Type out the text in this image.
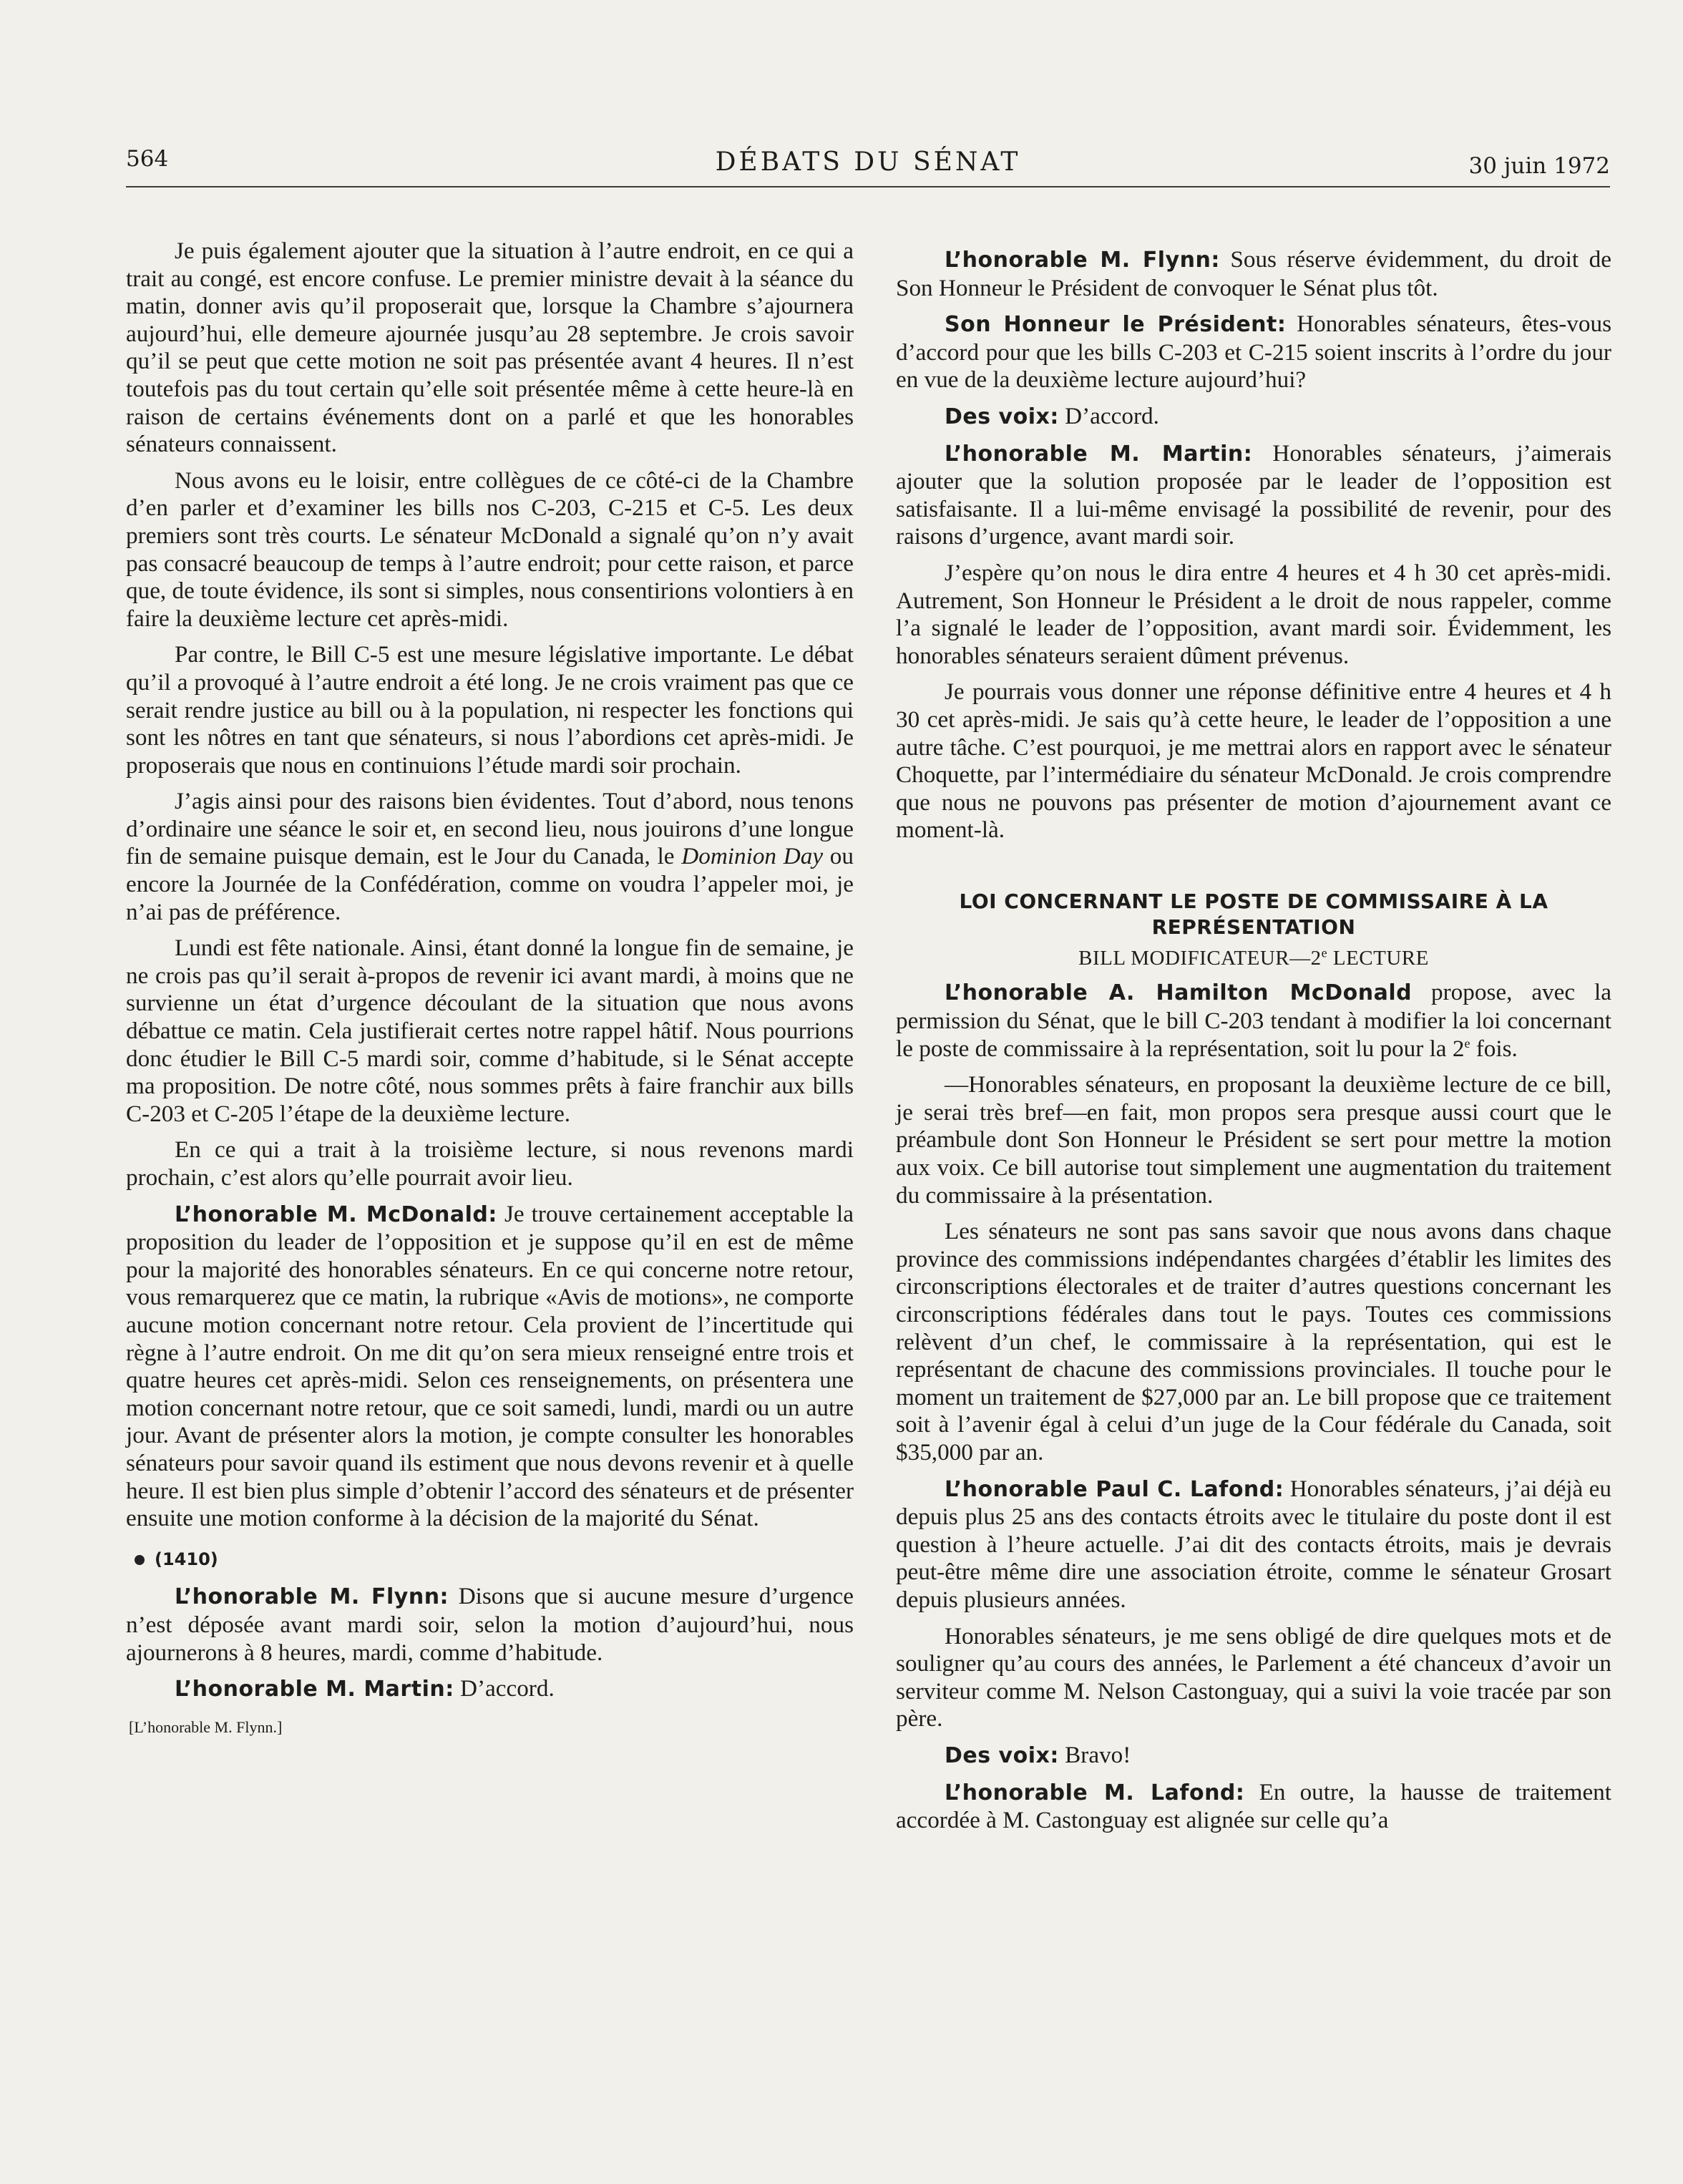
564	DÉBATS DU SÉNAT	30 juin 1972

Je puis également ajouter que la situation à l’autre endroit, en ce qui a trait au congé, est encore confuse. Le premier ministre devait à la séance du matin, donner avis qu’il proposerait que, lorsque la Chambre s’ajournera aujourd’hui, elle demeure ajournée jusqu’au 28 septembre. Je crois savoir qu’il se peut que cette motion ne soit pas présentée avant 4 heures. Il n’est toutefois pas du tout certain qu’elle soit présentée même à cette heure-là en raison de certains événements dont on a parlé et que les honorables sénateurs connaissent.

Nous avons eu le loisir, entre collègues de ce côté-ci de la Chambre d’en parler et d’examiner les bills nos C-203, C-215 et C-5. Les deux premiers sont très courts. Le sénateur McDonald a signalé qu’on n’y avait pas consacré beaucoup de temps à l’autre endroit; pour cette raison, et parce que, de toute évidence, ils sont si simples, nous consentirions volontiers à en faire la deuxième lecture cet après-midi.

Par contre, le Bill C-5 est une mesure législative importante. Le débat qu’il a provoqué à l’autre endroit a été long. Je ne crois vraiment pas que ce serait rendre justice au bill ou à la population, ni respecter les fonctions qui sont les nôtres en tant que sénateurs, si nous l’abordions cet après-midi. Je proposerais que nous en continuions l’étude mardi soir prochain.

J’agis ainsi pour des raisons bien évidentes. Tout d’abord, nous tenons d’ordinaire une séance le soir et, en second lieu, nous jouirons d’une longue fin de semaine puisque demain, est le Jour du Canada, le Dominion Day ou encore la Journée de la Confédération, comme on voudra l’appeler moi, je n’ai pas de préférence.

Lundi est fête nationale. Ainsi, étant donné la longue fin de semaine, je ne crois pas qu’il serait à-propos de revenir ici avant mardi, à moins que ne survienne un état d’urgence découlant de la situation que nous avons débattue ce matin. Cela justifierait certes notre rappel hâtif. Nous pourrions donc étudier le Bill C-5 mardi soir, comme d’habitude, si le Sénat accepte ma proposition. De notre côté, nous sommes prêts à faire franchir aux bills C-203 et C-205 l’étape de la deuxième lecture.

En ce qui a trait à la troisième lecture, si nous revenons mardi prochain, c’est alors qu’elle pourrait avoir lieu.

L’honorable M. McDonald: Je trouve certainement acceptable la proposition du leader de l’opposition et je suppose qu’il en est de même pour la majorité des honorables sénateurs. En ce qui concerne notre retour, vous remarquerez que ce matin, la rubrique «Avis de motions», ne comporte aucune motion concernant notre retour. Cela provient de l’incertitude qui règne à l’autre endroit. On me dit qu’on sera mieux renseigné entre trois et quatre heures cet après-midi. Selon ces renseignements, on présentera une motion concernant notre retour, que ce soit samedi, lundi, mardi ou un autre jour. Avant de présenter alors la motion, je compte consulter les honorables sénateurs pour savoir quand ils estiment que nous devons revenir et à quelle heure. Il est bien plus simple d’obtenir l’accord des sénateurs et de présenter ensuite une motion conforme à la décision de la majorité du Sénat.

(1410)

L’honorable M. Flynn: Disons que si aucune mesure d’urgence n’est déposée avant mardi soir, selon la motion d’aujourd’hui, nous ajournerons à 8 heures, mardi, comme d’habitude.

L’honorable M. Martin: D’accord.

[L’honorable M. Flynn.]

L’honorable M. Flynn: Sous réserve évidemment, du droit de Son Honneur le Président de convoquer le Sénat plus tôt.

Son Honneur le Président: Honorables sénateurs, êtes-vous d’accord pour que les bills C-203 et C-215 soient inscrits à l’ordre du jour en vue de la deuxième lecture aujourd’hui?

Des voix: D’accord.

L’honorable M. Martin: Honorables sénateurs, j’aimerais ajouter que la solution proposée par le leader de l’opposition est satisfaisante. Il a lui-même envisagé la possibilité de revenir, pour des raisons d’urgence, avant mardi soir.

J’espère qu’on nous le dira entre 4 heures et 4 h 30 cet après-midi. Autrement, Son Honneur le Président a le droit de nous rappeler, comme l’a signalé le leader de l’opposition, avant mardi soir. Évidemment, les honorables sénateurs seraient dûment prévenus.

Je pourrais vous donner une réponse définitive entre 4 heures et 4 h 30 cet après-midi. Je sais qu’à cette heure, le leader de l’opposition a une autre tâche. C’est pourquoi, je me mettrai alors en rapport avec le sénateur Choquette, par l’intermédiaire du sénateur McDonald. Je crois comprendre que nous ne pouvons pas présenter de motion d’ajournement avant ce moment-là.

LOI CONCERNANT LE POSTE DE COMMISSAIRE À LA REPRÉSENTATION
BILL MODIFICATEUR—2e LECTURE

L’honorable A. Hamilton McDonald propose, avec la permission du Sénat, que le bill C-203 tendant à modifier la loi concernant le poste de commissaire à la représentation, soit lu pour la 2e fois.

—Honorables sénateurs, en proposant la deuxième lecture de ce bill, je serai très bref—en fait, mon propos sera presque aussi court que le préambule dont Son Honneur le Président se sert pour mettre la motion aux voix. Ce bill autorise tout simplement une augmentation du traitement du commissaire à la présentation.

Les sénateurs ne sont pas sans savoir que nous avons dans chaque province des commissions indépendantes chargées d’établir les limites des circonscriptions électorales et de traiter d’autres questions concernant les circonscriptions fédérales dans tout le pays. Toutes ces commissions relèvent d’un chef, le commissaire à la représentation, qui est le représentant de chacune des commissions provinciales. Il touche pour le moment un traitement de $27,000 par an. Le bill propose que ce traitement soit à l’avenir égal à celui d’un juge de la Cour fédérale du Canada, soit $35,000 par an.

L’honorable Paul C. Lafond: Honorables sénateurs, j’ai déjà eu depuis plus 25 ans des contacts étroits avec le titulaire du poste dont il est question à l’heure actuelle. J’ai dit des contacts étroits, mais je devrais peut-être même dire une association étroite, comme le sénateur Grosart depuis plusieurs années.

Honorables sénateurs, je me sens obligé de dire quelques mots et de souligner qu’au cours des années, le Parlement a été chanceux d’avoir un serviteur comme M. Nelson Castonguay, qui a suivi la voie tracée par son père.

Des voix: Bravo!

L’honorable M. Lafond: En outre, la hausse de traitement accordée à M. Castonguay est alignée sur celle qu’a
